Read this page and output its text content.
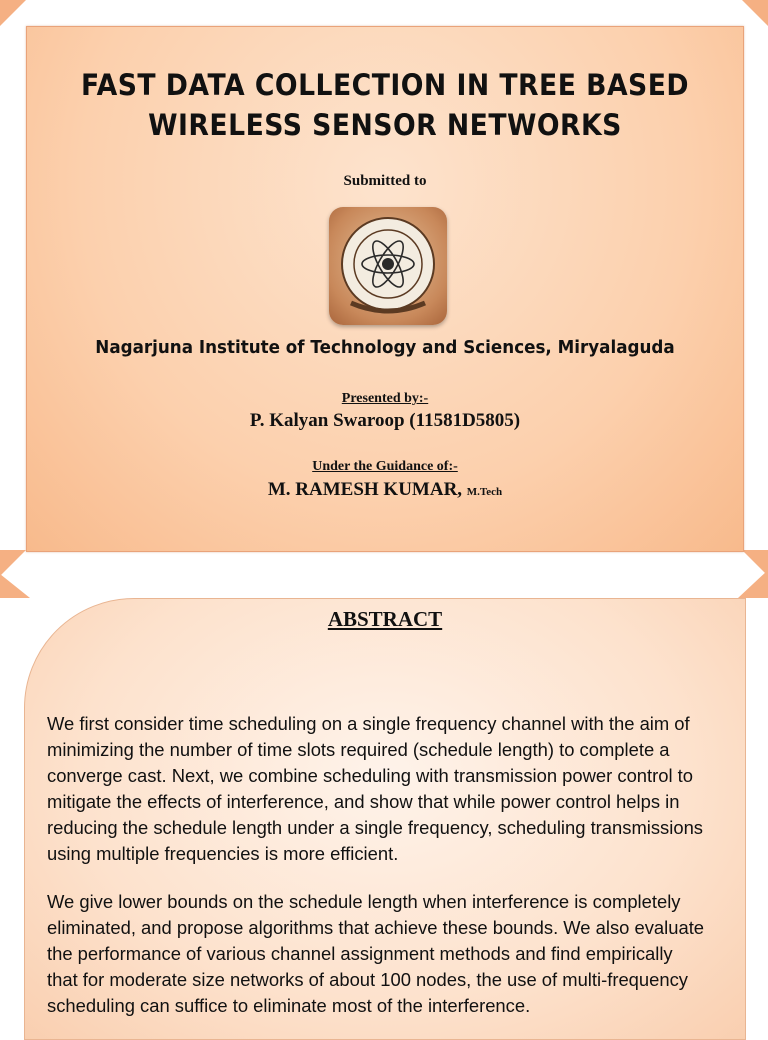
FAST DATA COLLECTION IN TREE BASED
WIRELESS SENSOR NETWORKS
Submitted to
Nagarjuna Institute of Technology and Sciences, Miryalaguda
Presented by:-
P. Kalyan Swaroop (11581D5805)
Under the Guidance of:-
M. RAMESH KUMAR, M.Tech
ABSTRACT
We first consider time scheduling on a single frequency channel with the aim of
minimizing the number of time slots required (schedule length) to complete a
converge cast. Next, we combine scheduling with transmission power control to
mitigate the effects of interference, and show that while power control helps in
reducing the schedule length under a single frequency, scheduling transmissions
using multiple frequencies is more efficient.
We give lower bounds on the schedule length when interference is completely
eliminated, and propose algorithms that achieve these bounds. We also evaluate
the performance of various channel assignment methods and find empirically
that for moderate size networks of about 100 nodes, the use of multi-frequency
scheduling can suffice to eliminate most of the interference.
